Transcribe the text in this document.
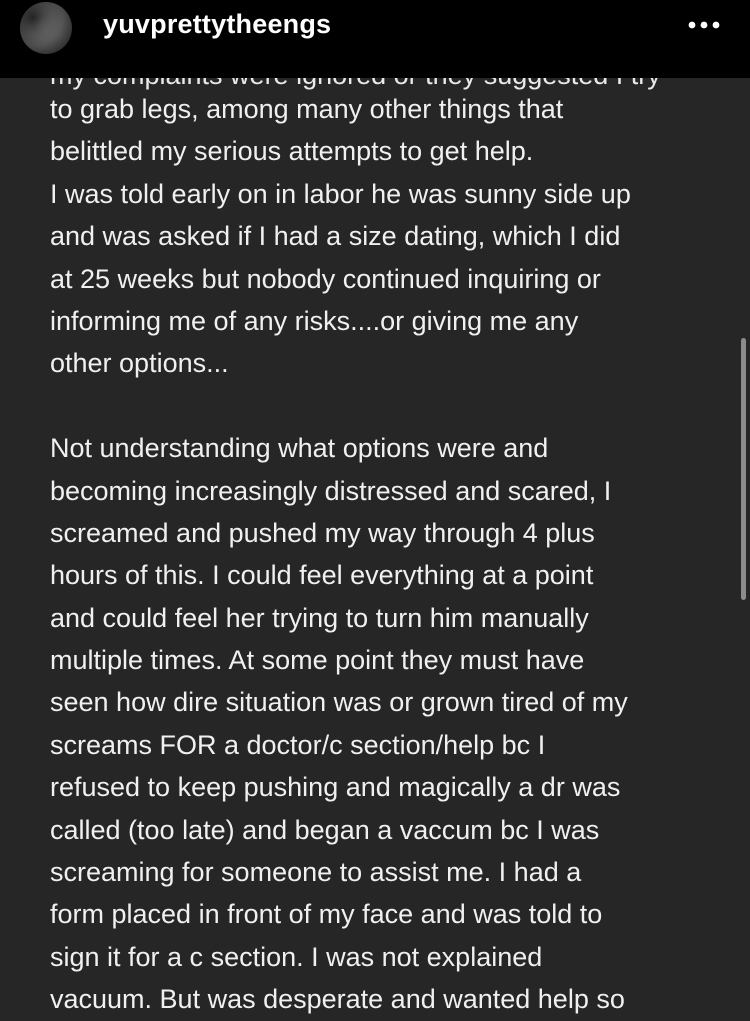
yuvprettytheengs
to grab legs, among many other things that
belittled my serious attempts to get help.
I was told early on in labor he was sunny side up
and was asked if I had a size dating, which I did
at 25 weeks but nobody continued inquiring or
informing me of any risks....or giving me any
other options...
Not understanding what options were and
becoming increasingly distressed and scared, I
screamed and pushed my way through 4 plus
hours of this. I could feel everything at a point
and could feel her trying to turn him manually
multiple times. At some point they must have
seen how dire situation was or grown tired of my
screams FOR a doctor/c section/help bc I
refused to keep pushing and magically a dr was
called (too late) and began a vaccum bc I was
screaming for someone to assist me. I had a
form placed in front of my face and was told to
sign it for a c section. I was not explained
vacuum. But was desperate and wanted help so
